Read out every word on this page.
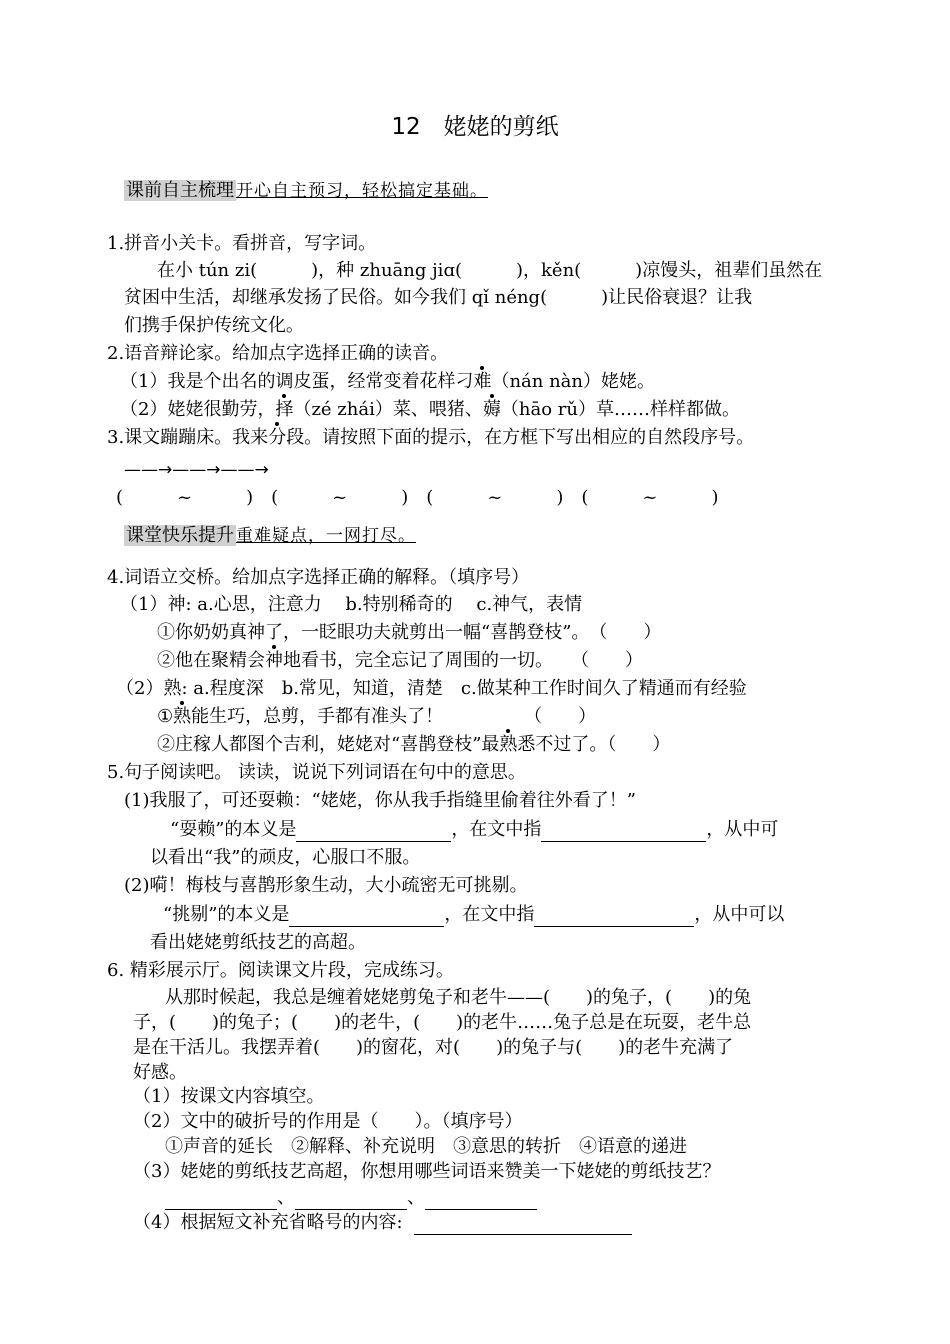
12　姥姥的剪纸
课前自主梳理 开心自主预习，轻松搞定基础。
1.拼音小关卡。看拼音，写字词。
在小 tún zi(　　　)，种 zhuāng jiɑ(　　　)，kěn(　　　)凉馒头，祖辈们虽然在
贫困中生活，却继承发扬了民俗。如今我们 qǐ néng(　　　)让民俗衰退？让我
们携手保护传统文化。
2.语音辩论家。给加点字选择正确的读音。
（1）我是个出名的调皮蛋，经常变着花样刁难（nán nàn）姥姥。
（2）姥姥很勤劳，择（zé zhái）菜、喂猪、薅（hāo rǔ）草……样样都做。
3.课文蹦蹦床。我来分段。请按照下面的提示，在方框下写出相应的自然段序号。
——→——→——→
(　　　~　　　)　(　　　~　　　)　(　　　~　　　)　(　　　~　　　)
课堂快乐提升 重难疑点，一网打尽。
4.词语立交桥。给加点字选择正确的解释。（填序号）
（1）神: a.心思，注意力　 b.特别稀奇的　 c.神气，表情
①你奶奶真神了，一眨眼功夫就剪出一幅“喜鹊登枝”。　（　　）
②他在聚精会神地看书，完全忘记了周围的一切。　　（　　）
（2）熟: a.程度深　b.常见，知道，清楚　c.做某种工作时间久了精通而有经验
①熟能生巧，总剪，手都有准头了！　　　　　（　　）
②庄稼人都图个吉利，姥姥对“喜鹊登枝”最熟悉不过了。（　　）
5.句子阅读吧。 读读，说说下列词语在句中的意思。
(1)我服了，可还耍赖：“姥姥，你从我手指缝里偷着往外看了！”
“耍赖”的本义是	，在文中指	，从中可
以看出“我”的顽皮，心服口不服。
(2)嗬！梅枝与喜鹊形象生动，大小疏密无可挑剔。
“挑剔”的本义是	，在文中指	，从中可以
看出姥姥剪纸技艺的高超。
6. 精彩展示厅。阅读课文片段，完成练习。
从那时候起，我总是缠着姥姥剪兔子和老牛——(　　)的兔子，(　　)的兔
子，(　　)的兔子；(　　)的老牛，(　　)的老牛……兔子总是在玩耍，老牛总
是在干活儿。我摆弄着(　　)的窗花，对(　　)的兔子与(　　)的老牛充满了
好感。
（1）按课文内容填空。
（2）文中的破折号的作用是（　　）。（填序号）
①声音的延长　②解释、补充说明　③意思的转折　④语意的递进
（3）姥姥的剪纸技艺高超，你想用哪些词语来赞美一下姥姥的剪纸技艺？
、	、
（4）根据短文补充省略号的内容:
